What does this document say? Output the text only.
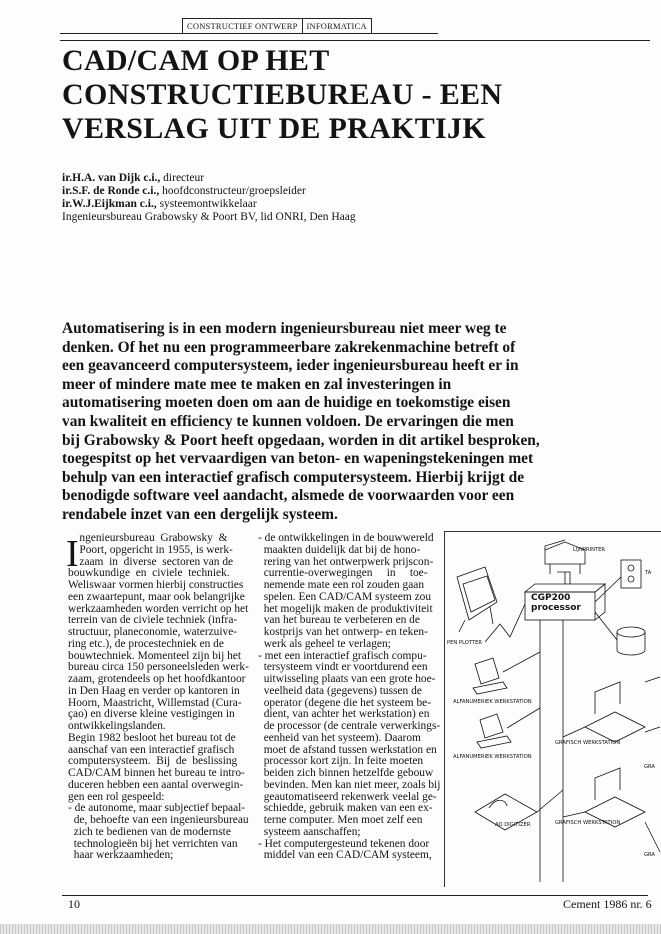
CONSTRUCTIEF ONTWERP	INFORMATICA
CAD/CAM OP HET
CONSTRUCTIEBUREAU - EEN
VERSLAG UIT DE PRAKTIJK
ir.H.A. van Dijk c.i., directeur
ir.S.F. de Ronde c.i., hoofdconstructeur/groepsleider
ir.W.J.Eijkman c.i., systeemontwikkelaar
Ingenieursbureau Grabowsky & Poort BV, lid ONRI, Den Haag
Automatisering is in een modern ingenieursbureau niet meer weg te
denken. Of het nu een programmeerbare zakrekenmachine betreft of
een geavanceerd computersysteem, ieder ingenieursbureau heeft er in
meer of mindere mate mee te maken en zal investeringen in
automatisering moeten doen om aan de huidige en toekomstige eisen
van kwaliteit en efficiency te kunnen voldoen. De ervaringen die men
bij Grabowsky & Poort heeft opgedaan, worden in dit artikel besproken,
toegespitst op het vervaardigen van beton- en wapeningstekeningen met
behulp van een interactief grafisch computersysteem. Hierbij krijgt de
benodigde software veel aandacht, alsmede de voorwaarden voor een
rendabele inzet van een dergelijk systeem.
I
ngenieursbureau  Grabowsky  &
Poort, opgericht in 1955, is werk-
zaam  in  diverse  sectoren van de
bouwkundige  en  civiele  techniek.
Weliswaar vormen hierbij constructies
een zwaartepunt, maar ook belangrijke
werkzaamheden worden verricht op het
terrein van de civiele techniek (infra-
structuur, planeconomie, waterzuive-
ring etc.), de procestechniek en de
bouwtechniek. Momenteel zijn bij het
bureau circa 150 personeelsleden werk-
zaam, grotendeels op het hoofdkantoor
in Den Haag en verder op kantoren in
Hoorn, Maastricht, Willemstad (Cura-
çao) en diverse kleine vestigingen in
ontwikkelingslanden.
Begin 1982 besloot het bureau tot de
aanschaf van een interactief grafisch
computersysteem.  Bij  de  beslissing
CAD/CAM binnen het bureau te intro-
duceren hebben een aantal overwegin-
gen een rol gespeeld:
- de autonome, maar subjectief bepaal-
de, behoefte van een ingenieursbureau
zich te bedienen van de modernste
technologieën bij het verrichten van
haar werkzaamheden;
- de ontwikkelingen in de bouwwereld
maakten duidelijk dat bij de hono-
rering van het ontwerpwerk prijscon-
currentie-overwegingen     in     toe-
nemende mate een rol zouden gaan
spelen. Een CAD/CAM systeem zou
het mogelijk maken de produktiviteit
van het bureau te verbeteren en de
kostprijs van het ontwerp- en teken-
werk als geheel te verlagen;
- met een interactief grafisch compu-
tersysteem vindt er voortdurend een
uitwisseling plaats van een grote hoe-
veelheid data (gegevens) tussen de
operator (degene die het systeem be-
dient, van achter het werkstation) en
de processor (de centrale verwerkings-
eenheid van het systeem). Daarom
moet de afstand tussen werkstation en
processor kort zijn. In feite moeten
beiden zich binnen hetzelfde gebouw
bevinden. Men kan niet meer, zoals bij
geautomatiseerd rekenwerk veelal ge-
schiedde, gebruik maken van een ex-
terne computer. Men moet zelf een
systeem aanschaffen;
- Het computergesteund tekenen door
middel van een CAD/CAM systeem,
LIJNPRINTER
TA
CGP200
processor
PEN PLOTTER
ALFANUMERIEK WERKSTATION
ALFANUMERIEK WERKSTATION
GRAFISCH WERKSTATION
GRAFISCH WERKSTATION
AO DIGITIZER
GRA
GRA
10	Cement 1986 nr. 6
